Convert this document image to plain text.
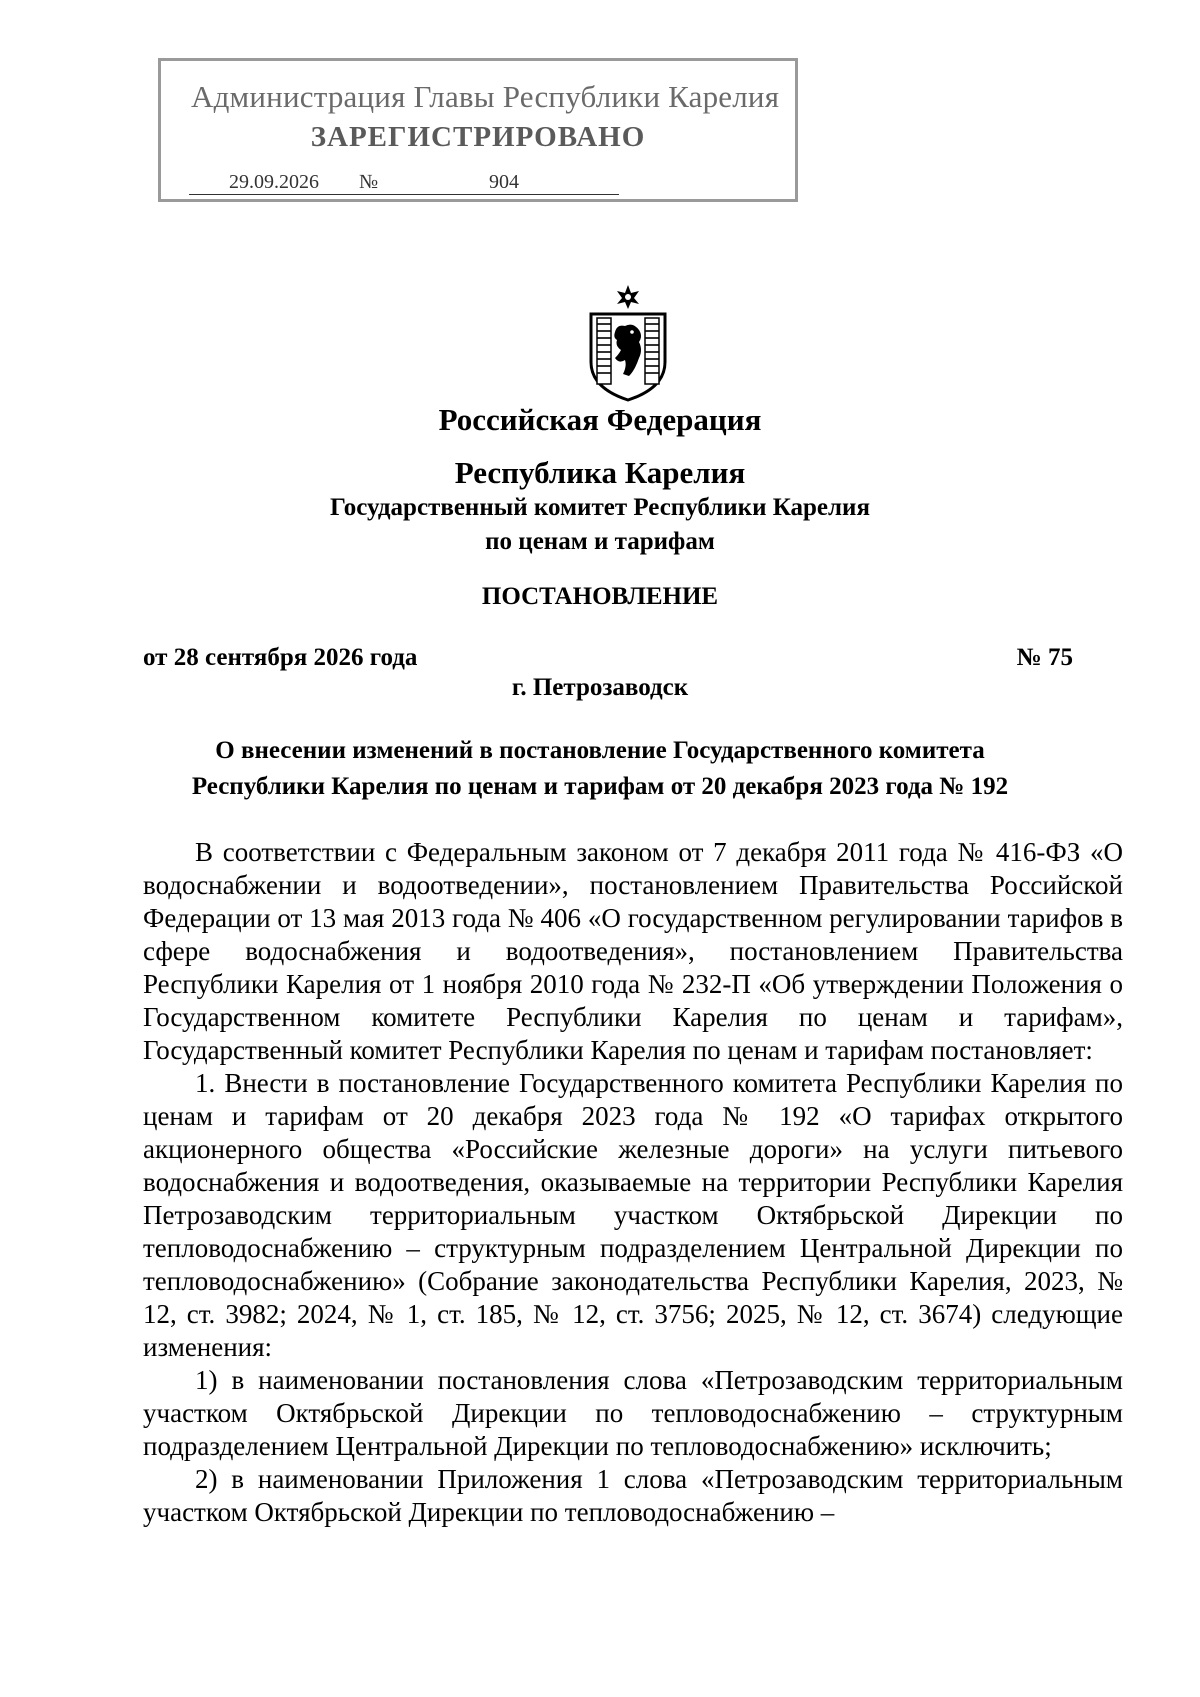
Администрация Главы Республики Карелия
ЗАРЕГИСТРИРОВАНО
29.09.2026 №	904
Российская Федерация
Республика Карелия
Государственный комитет Республики Карелия
по ценам и тарифам
ПОСТАНОВЛЕНИЕ
от 28 сентября 2026 года	№ 75
г. Петрозаводск
О внесении изменений в постановление Государственного комитета
Республики Карелия по ценам и тарифам от 20 декабря 2023 года № 192

В соответствии с Федеральным законом от 7 декабря 2011 года № 416-ФЗ «О водоснабжении и водоотведении», постановлением Правительства Российской Федерации от 13 мая 2013 года № 406 «О государственном регулировании тарифов в сфере водоснабжения и водоотведения», постановлением Правительства Республики Карелия от 1 ноября 2010 года № 232-П «Об утверждении Положения о Государственном комитете Республики Карелия по ценам и тарифам», Государственный комитет Республики Карелия по ценам и тарифам постановляет:

1. Внести в постановление Государственного комитета Республики Карелия по ценам и тарифам от 20 декабря 2023 года № 192 «О тарифах открытого акционерного общества «Российские железные дороги» на услуги питьевого водоснабжения и водоотведения, оказываемые на территории Республики Карелия Петрозаводским территориальным участком Октябрьской Дирекции по тепловодоснабжению – структурным подразделением Центральной Дирекции по тепловодоснабжению» (Собрание законодательства Республики Карелия, 2023, № 12, ст. 3982; 2024, № 1, ст. 185, № 12, ст. 3756; 2025, № 12, ст. 3674) следующие изменения:

1) в наименовании постановления слова «Петрозаводским территориальным участком Октябрьской Дирекции по тепловодоснабжению – структурным подразделением Центральной Дирекции по тепловодоснабжению» исключить;

2) в наименовании Приложения 1 слова «Петрозаводским территориальным участком Октябрьской Дирекции по тепловодоснабжению –
